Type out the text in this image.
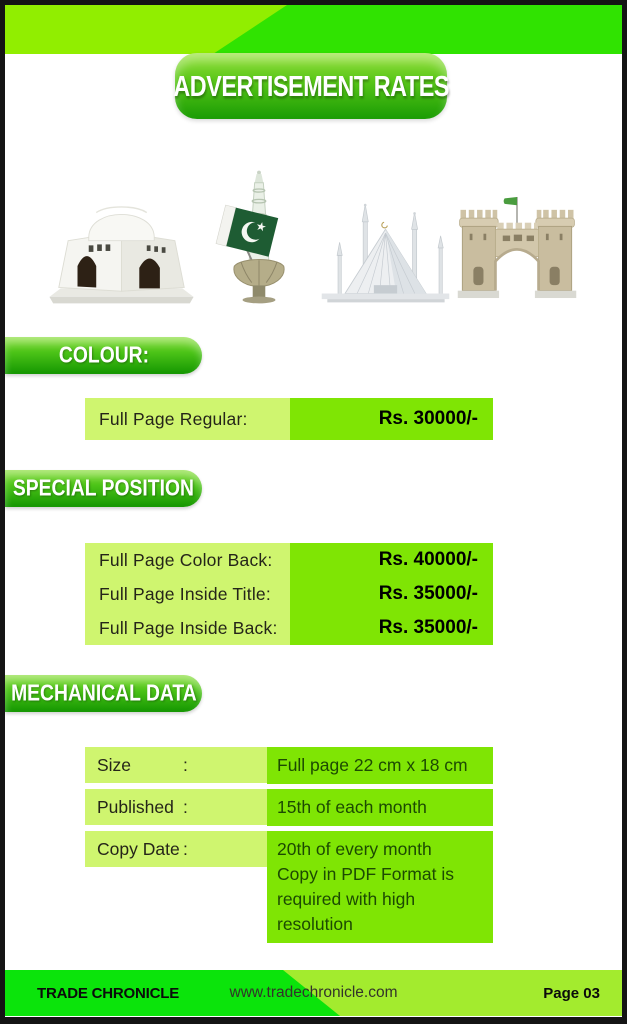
ADVERTISEMENT RATES
COLOUR:
Full Page Regular:	Rs. 30000/-
SPECIAL POSITION
Full Page Color Back:	Rs. 40000/-
Full Page Inside Title:	Rs. 35000/-
Full Page Inside Back:	Rs. 35000/-
MECHANICAL DATA
Size	:	Full page 22 cm x 18 cm
Published :	15th of each month
Copy Date :	20th of every month
Copy in PDF Format is
required with high resolution
TRADE CHRONICLE	www.tradechronicle.com	Page 03
